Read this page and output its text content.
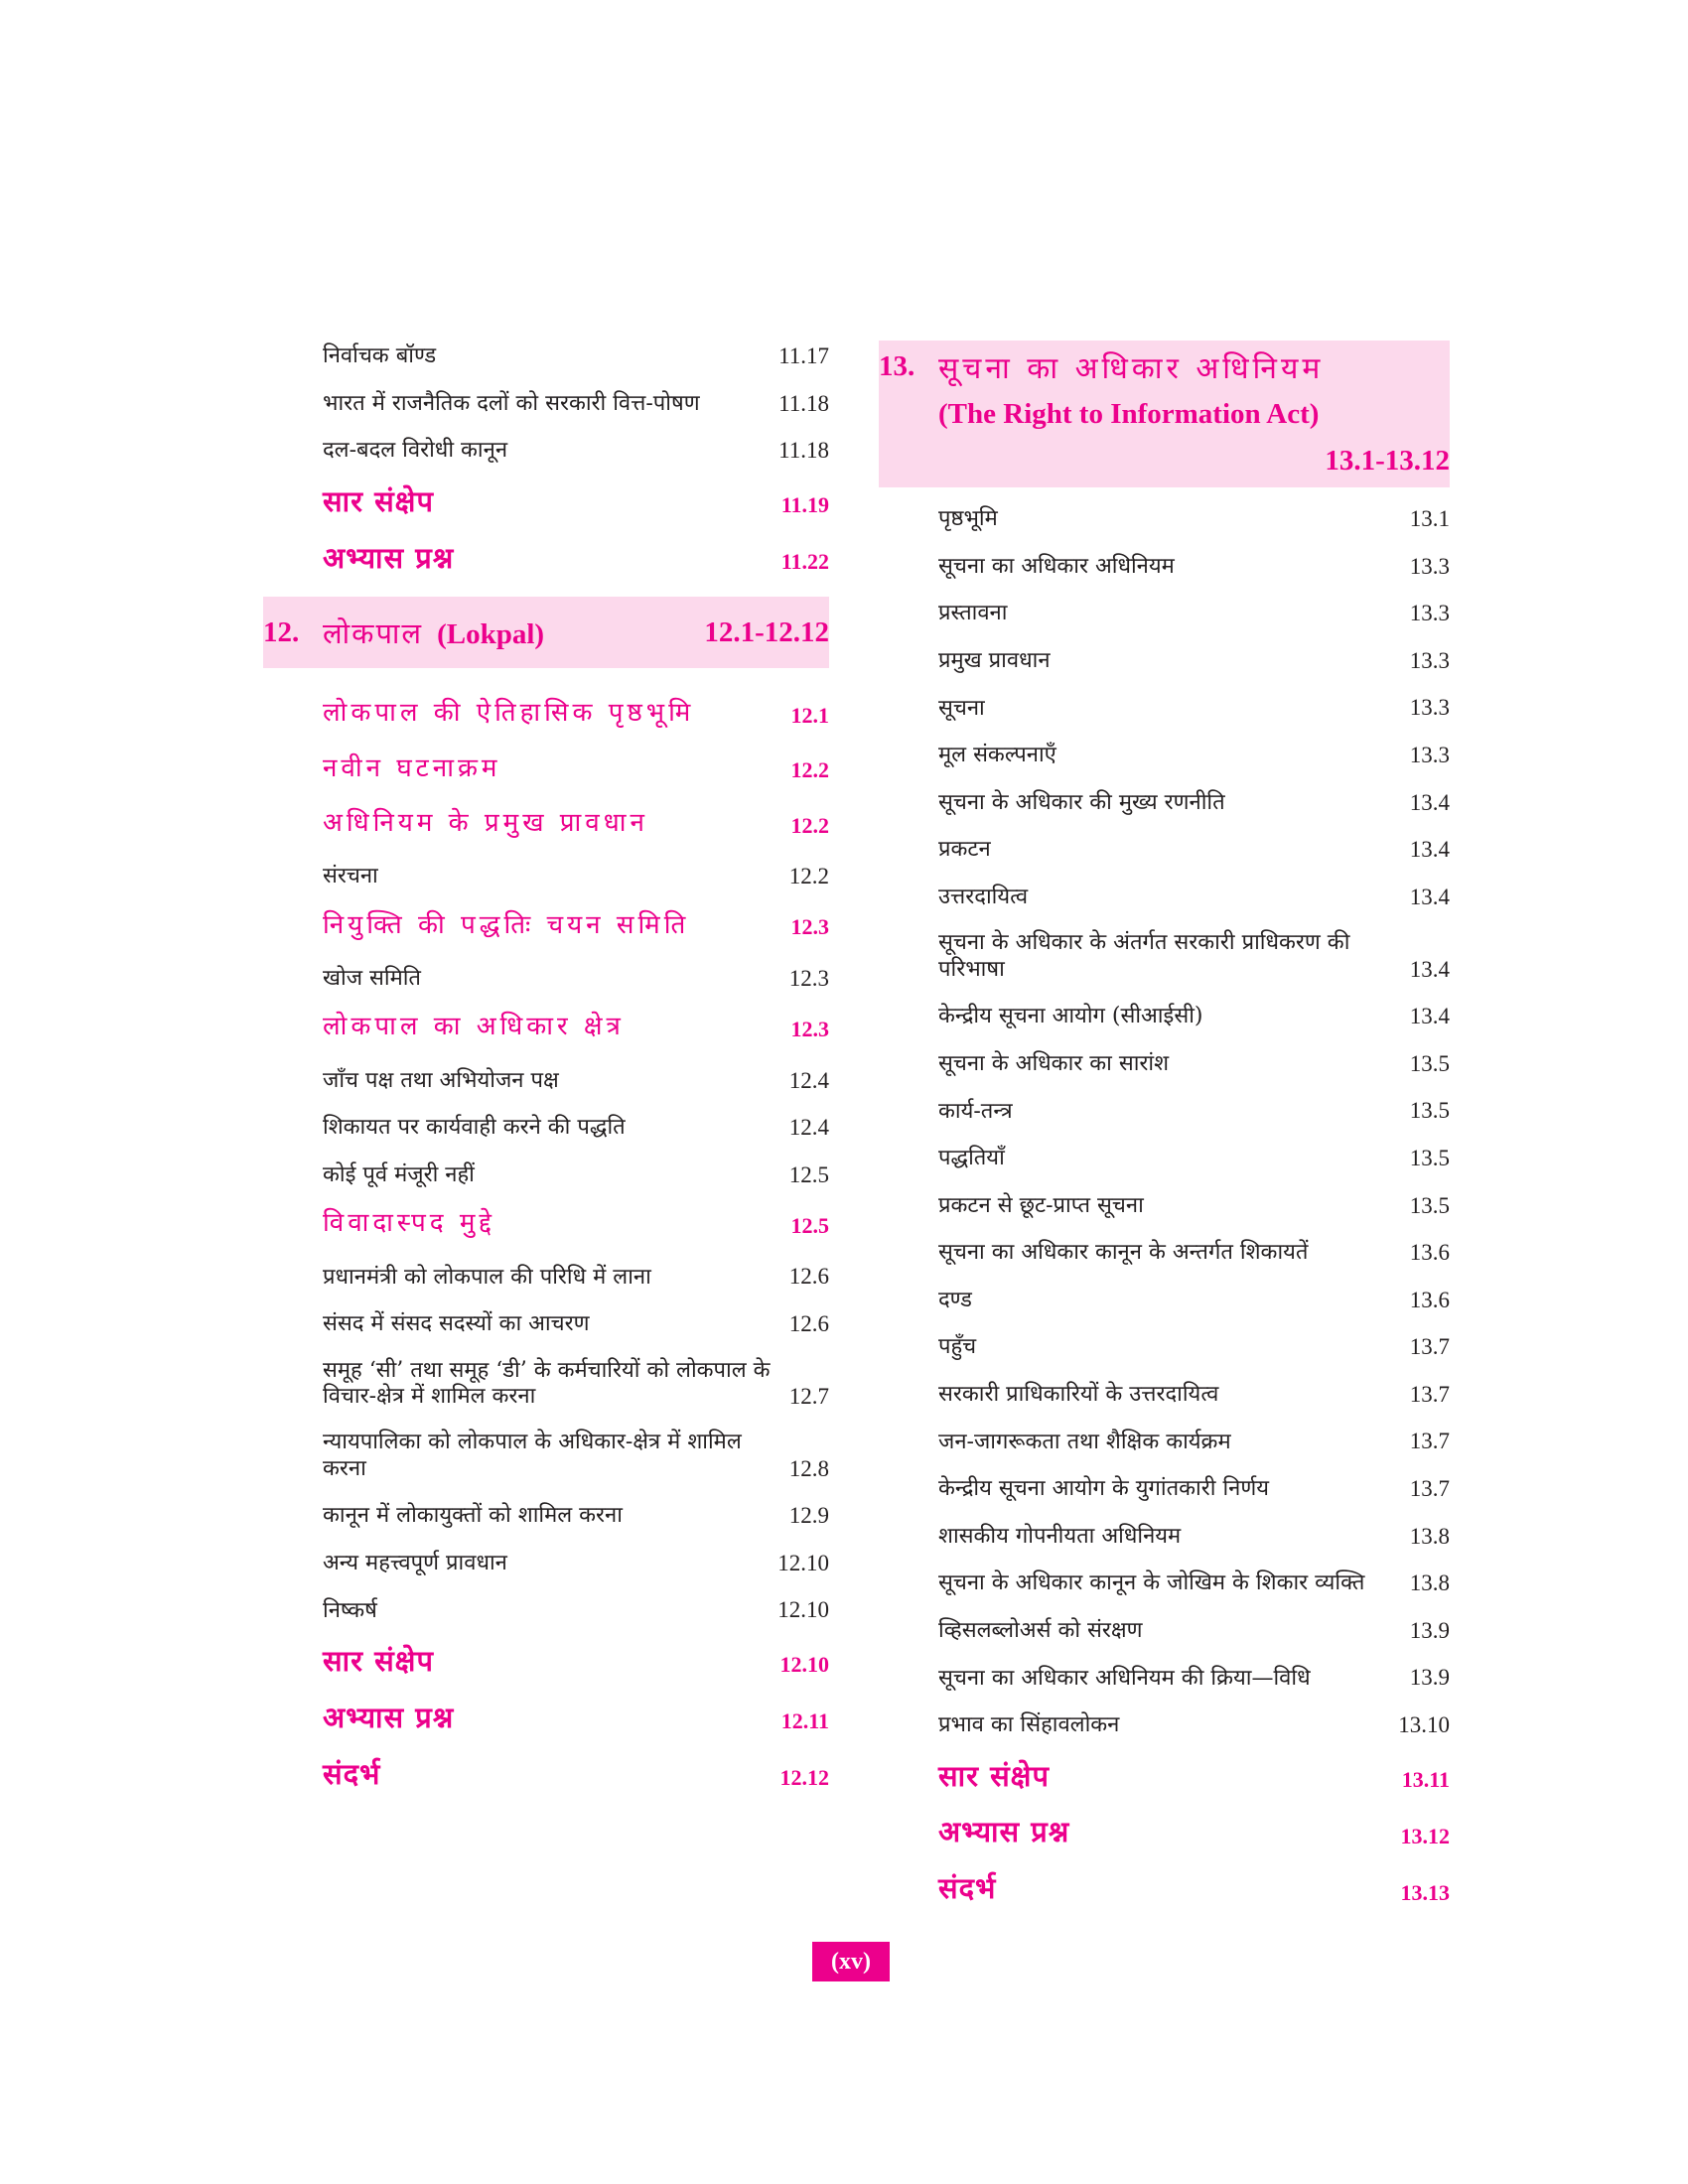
निर्वाचक बॉण्ड	11.17
भारत में राजनैतिक दलों को सरकारी वित्त-पोषण	11.18
दल-बदल विरोधी कानून	11.18
सार संक्षेप	11.19
अभ्यास प्रश्न	11.22
12. लोकपाल (Lokpal)	12.1-12.12
लोकपाल की ऐतिहासिक पृष्ठभूमि	12.1
नवीन घटनाक्रम	12.2
अधिनियम के प्रमुख प्रावधान	12.2
संरचना	12.2
नियुक्ति की पद्धतिः चयन समिति	12.3
खोज समिति	12.3
लोकपाल का अधिकार क्षेत्र	12.3
जाँच पक्ष तथा अभियोजन पक्ष	12.4
शिकायत पर कार्यवाही करने की पद्धति	12.4
कोई पूर्व मंजूरी नहीं	12.5
विवादास्पद मुद्दे	12.5
प्रधानमंत्री को लोकपाल की परिधि में लाना	12.6
संसद में संसद सदस्यों का आचरण	12.6
समूह ‘सी’ तथा समूह ‘डी’ के कर्मचारियों को लोकपाल के विचार-क्षेत्र में शामिल करना	12.7
न्यायपालिका को लोकपाल के अधिकार-क्षेत्र में शामिल करना	12.8
कानून में लोकायुक्तों को शामिल करना	12.9
अन्य महत्त्वपूर्ण प्रावधान	12.10
निष्कर्ष	12.10
सार संक्षेप	12.10
अभ्यास प्रश्न	12.11
संदर्भ	12.12
13. सूचना का अधिकार अधिनियम
(The Right to Information Act)
13.1-13.12
पृष्ठभूमि	13.1
सूचना का अधिकार अधिनियम	13.3
प्रस्तावना	13.3
प्रमुख प्रावधान	13.3
सूचना	13.3
मूल संकल्पनाएँ	13.3
सूचना के अधिकार की मुख्य रणनीति	13.4
प्रकटन	13.4
उत्तरदायित्व	13.4
सूचना के अधिकार के अंतर्गत सरकारी प्राधिकरण की परिभाषा	13.4
केन्द्रीय सूचना आयोग (सीआईसी)	13.4
सूचना के अधिकार का सारांश	13.5
कार्य-तन्त्र	13.5
पद्धतियाँ	13.5
प्रकटन से छूट-प्राप्त सूचना	13.5
सूचना का अधिकार कानून के अन्तर्गत शिकायतें	13.6
दण्ड	13.6
पहुँच	13.7
सरकारी प्राधिकारियों के उत्तरदायित्व	13.7
जन-जागरूकता तथा शैक्षिक कार्यक्रम	13.7
केन्द्रीय सूचना आयोग के युगांतकारी निर्णय	13.7
शासकीय गोपनीयता अधिनियम	13.8
सूचना के अधिकार कानून के जोखिम के शिकार व्यक्ति	13.8
व्हिसलब्लोअर्स को संरक्षण	13.9
सूचना का अधिकार अधिनियम की क्रिया—विधि	13.9
प्रभाव का सिंहावलोकन	13.10
सार संक्षेप	13.11
अभ्यास प्रश्न	13.12
संदर्भ	13.13
(xv)
